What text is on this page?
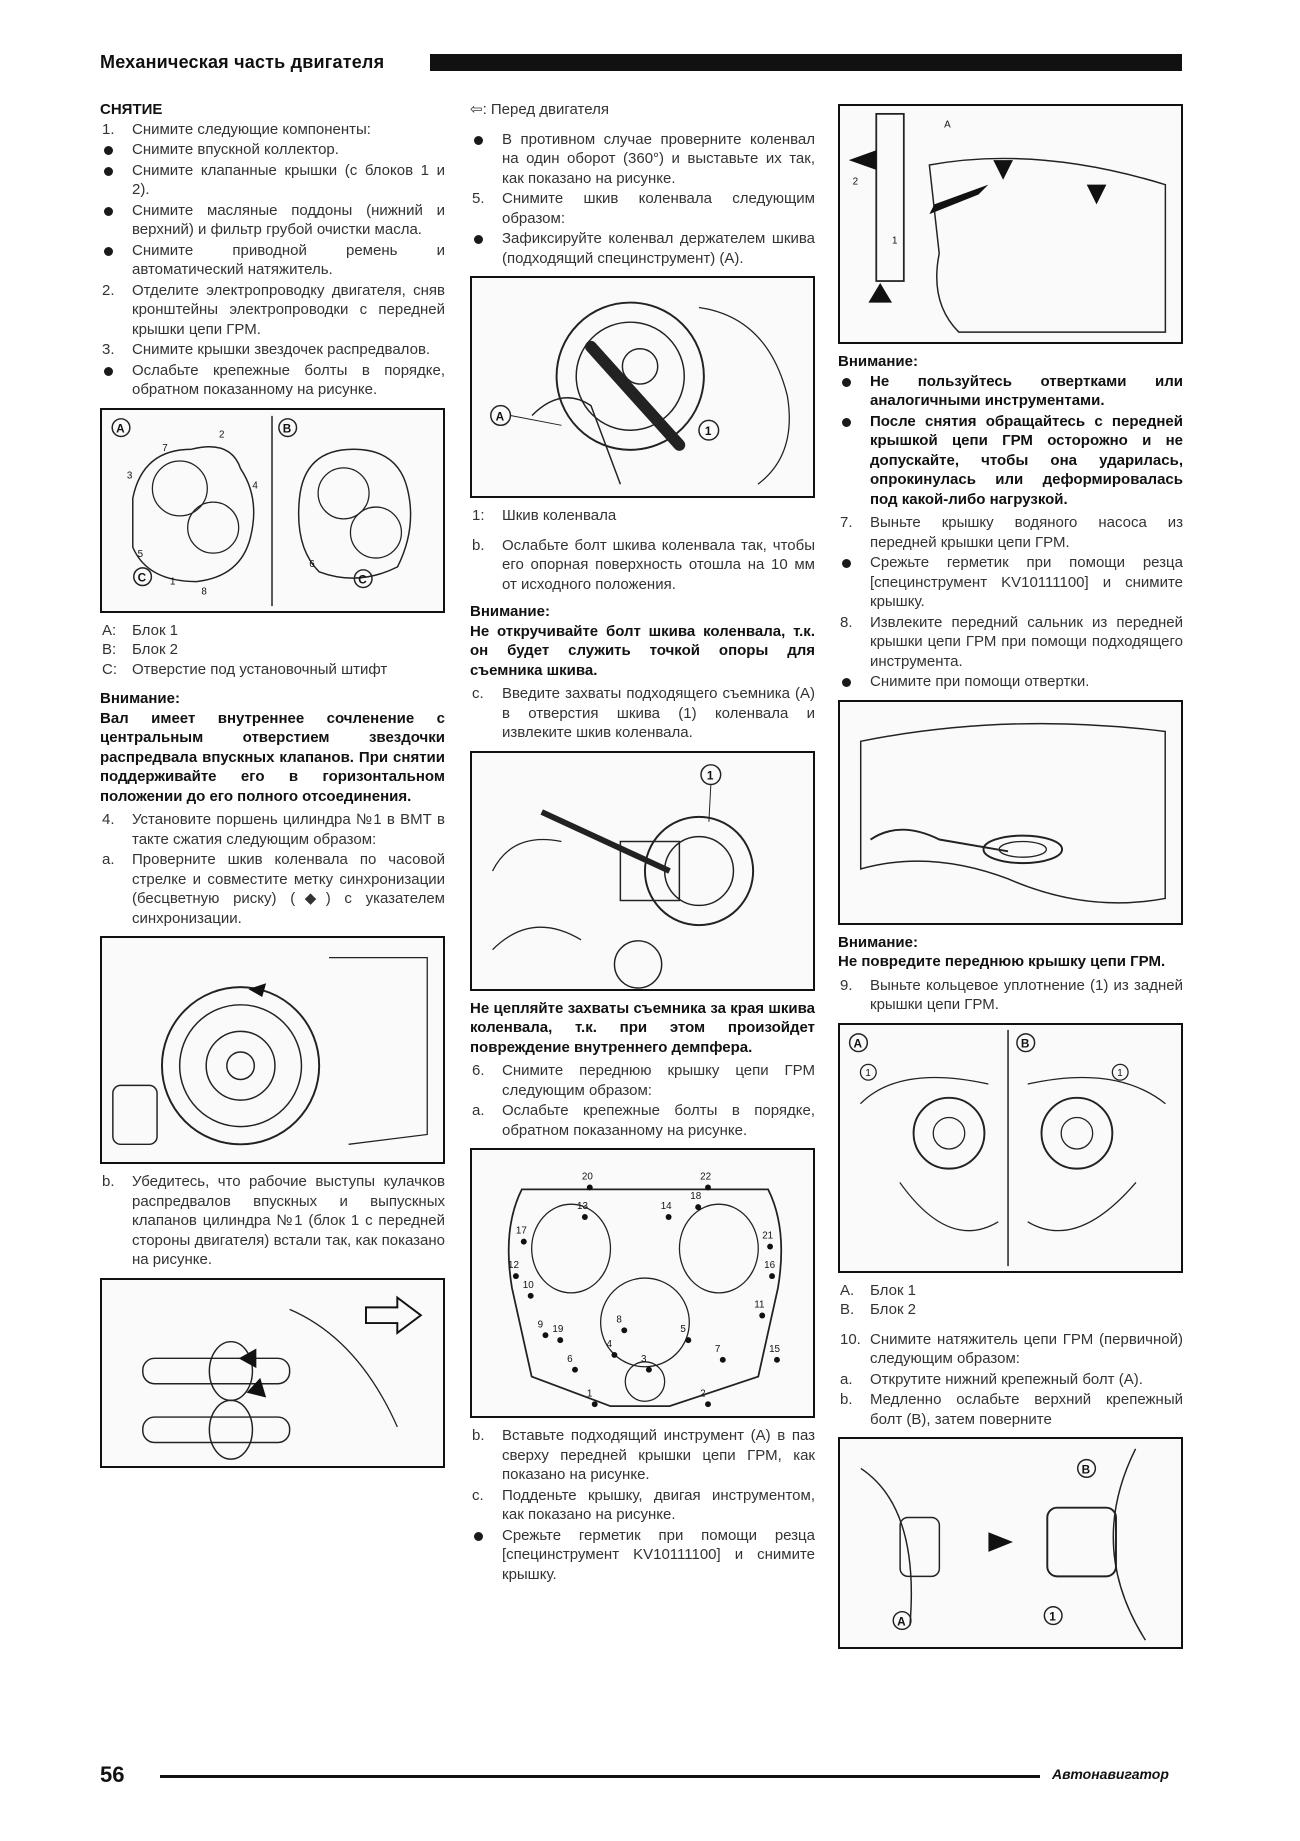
Механическая часть двигателя
СНЯТИЕ
1. Снимите следующие компоненты:
Снимите впускной коллектор.
Снимите клапанные крышки (с блоков 1 и 2).
Снимите масляные поддоны (нижний и верхний) и фильтр грубой очистки масла.
Снимите приводной ремень и автоматический натяжитель.
2. Отделите электропроводку двигателя, сняв кронштейны электропроводки с передней крышки цепи ГРМ.
3. Снимите крышки звездочек распредвалов.
Ослабьте крепежные болты в порядке, обратном показанному на рисунке.
A	B
C	C
1
2
3
4
5
6
7
8
A: Блок 1
B: Блок 2
C: Отверстие под установочный штифт
Внимание:
Вал имеет внутреннее сочленение с центральным отверстием звездочки распредвала впускных клапанов. При снятии поддерживайте его в горизонтальном положении до его полного отсоединения.
4. Установите поршень цилиндра №1 в ВМТ в такте сжатия следующим образом:
a. Проверните шкив коленвала по часовой стрелке и совместите метку синхронизации (бесцветную риску) (◆) с указателем синхронизации.
b. Убедитесь, что рабочие выступы кулачков распредвалов впускных и выпускных клапанов цилиндра №1 (блок 1 с передней стороны двигателя) встали так, как показано на рисунке.
⇦: Перед двигателя
В противном случае проверните коленвал на один оборот (360°) и выставьте их так, как показано на рисунке.
5. Снимите шкив коленвала следующим образом:
Зафиксируйте коленвал держателем шкива (подходящий специнструмент) (A).
A
1
1: Шкив коленвала
b. Ослабьте болт шкива коленвала так, чтобы его опорная поверхность отошла на 10 мм от исходного положения.
Внимание:
Не откручивайте болт шкива коленвала, т.к. он будет служить точкой опоры для съемника шкива.
c. Введите захваты подходящего съемника (A) в отверстия шкива (1) коленвала и извлеките шкив коленвала.
1
Не цепляйте захваты съемника за края шкива коленвала, т.к. при этом произойдет повреждение внутреннего демпфера.
6. Снимите переднюю крышку цепи ГРМ следующим образом:
a. Ослабьте крепежные болты в порядке, обратном показанному на рисунке.
1	2
3
4
5
6
7
8
9
10
11
12
13	14
15
16
17
18
19
20
21
22
b. Вставьте подходящий инструмент (A) в паз сверху передней крышки цепи ГРМ, как показано на рисунке.
c. Подденьте крышку, двигая инструментом, как показано на рисунке.
Срежьте герметик при помощи резца [специнструмент KV10111100] и снимите крышку.
A
1
2
Внимание:
Не пользуйтесь отвертками или аналогичными инструментами.
После снятия обращайтесь с передней крышкой цепи ГРМ осторожно и не допускайте, чтобы она ударилась, опрокинулась или деформировалась под какой-либо нагрузкой.
7. Выньте крышку водяного насоса из передней крышки цепи ГРМ.
Срежьте герметик при помощи резца [специнструмент KV10111100] и снимите крышку.
8. Извлеките передний сальник из передней крышки цепи ГРМ при помощи подходящего инструмента.
Снимите при помощи отвертки.
Внимание:
Не повредите переднюю крышку цепи ГРМ.
9. Выньте кольцевое уплотнение (1) из задней крышки цепи ГРМ.
A	B
1	1
A. Блок 1
B. Блок 2
10. Снимите натяжитель цепи ГРМ (первичной) следующим образом:
a. Открутите нижний крепежный болт (A).
b. Медленно ослабьте верхний крепежный болт (B), затем поверните
B
A	1
56	Автонавигатор
